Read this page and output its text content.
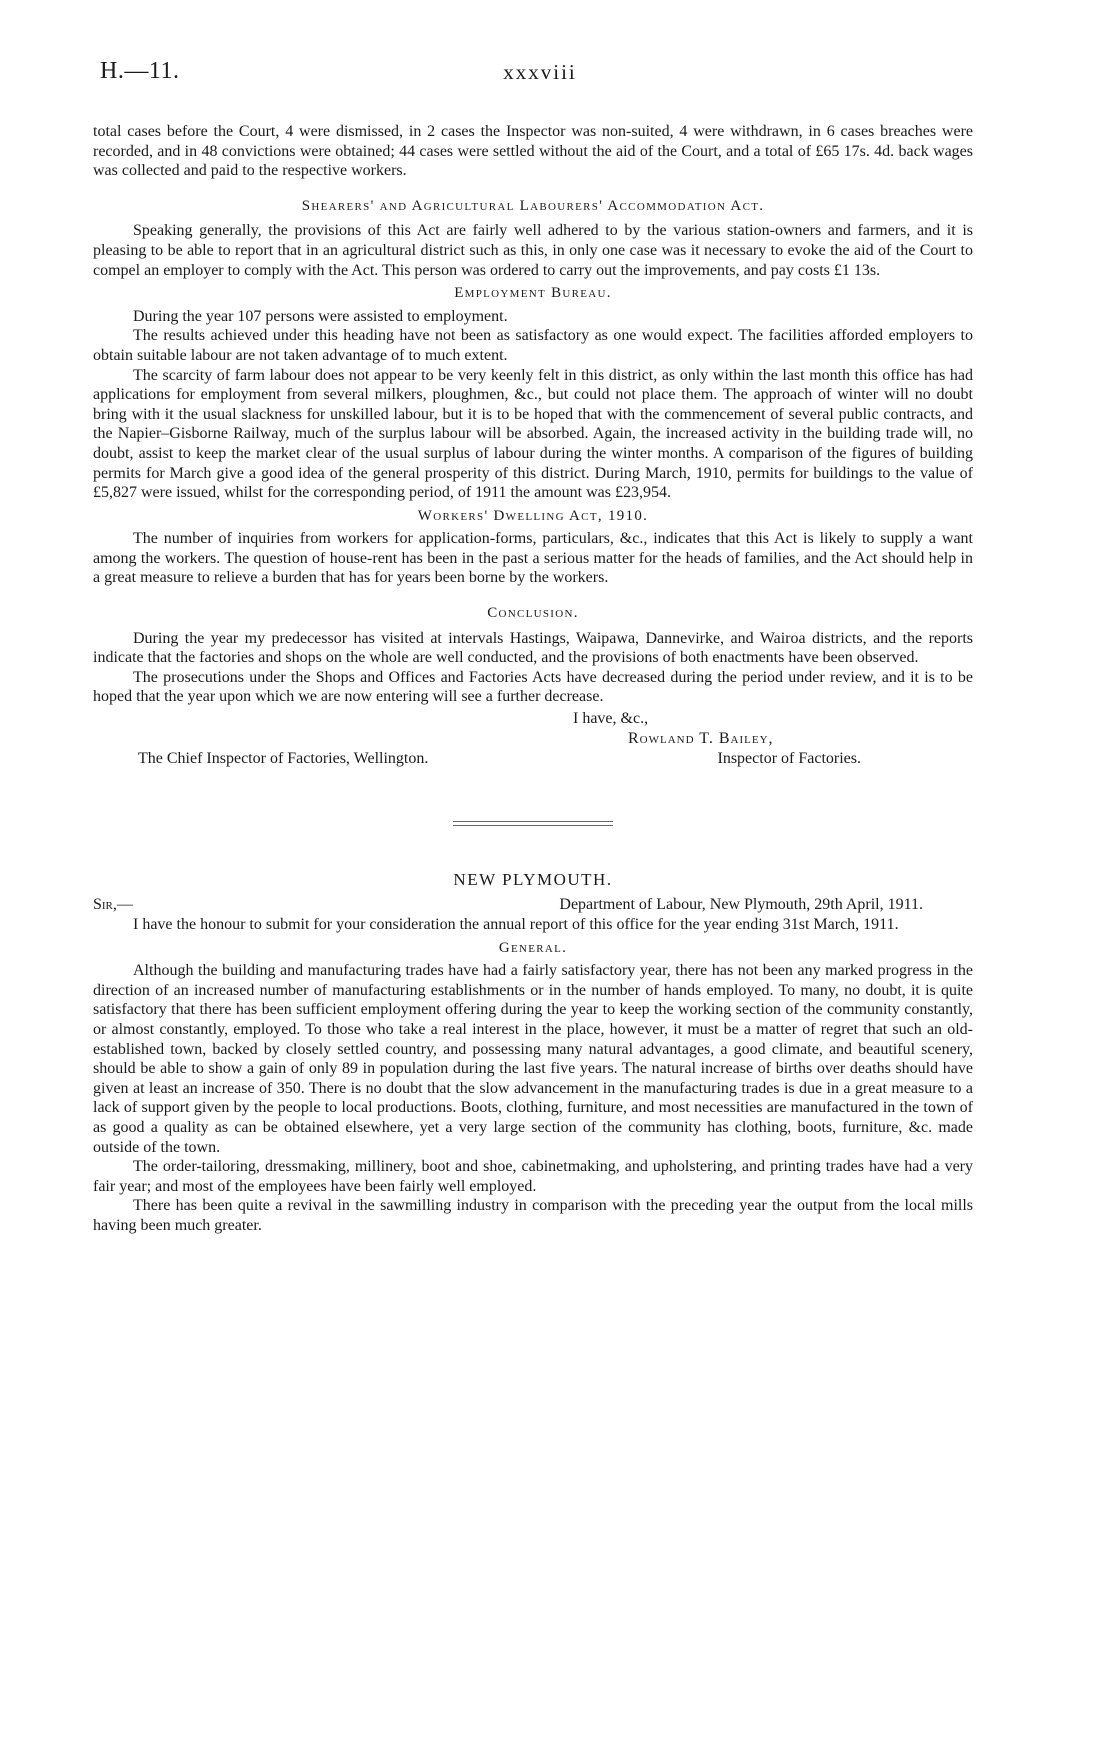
H.—11.	xxxviii

total cases before the Court, 4 were dismissed, in 2 cases the Inspector was non-suited, 4 were withdrawn, in 6 cases breaches were recorded, and in 48 convictions were obtained; 44 cases were settled without the aid of the Court, and a total of £65 17s. 4d. back wages was collected and paid to the respective workers.

Shearers' and Agricultural Labourers' Accommodation Act.

Speaking generally, the provisions of this Act are fairly well adhered to by the various station-owners and farmers, and it is pleasing to be able to report that in an agricultural district such as this, in only one case was it necessary to evoke the aid of the Court to compel an employer to comply with the Act. This person was ordered to carry out the improvements, and pay costs £1 13s.

Employment Bureau.

During the year 107 persons were assisted to employment.

The results achieved under this heading have not been as satisfactory as one would expect. The facilities afforded employers to obtain suitable labour are not taken advantage of to much extent.

The scarcity of farm labour does not appear to be very keenly felt in this district, as only within the last month this office has had applications for employment from several milkers, ploughmen, &c., but could not place them. The approach of winter will no doubt bring with it the usual slackness for unskilled labour, but it is to be hoped that with the commencement of several public contracts, and the Napier–Gisborne Railway, much of the surplus labour will be absorbed. Again, the increased activity in the building trade will, no doubt, assist to keep the market clear of the usual surplus of labour during the winter months. A comparison of the figures of building permits for March give a good idea of the general prosperity of this district. During March, 1910, permits for buildings to the value of £5,827 were issued, whilst for the corresponding period, of 1911 the amount was £23,954.

Workers' Dwelling Act, 1910.

The number of inquiries from workers for application-forms, particulars, &c., indicates that this Act is likely to supply a want among the workers. The question of house-rent has been in the past a serious matter for the heads of families, and the Act should help in a great measure to relieve a burden that has for years been borne by the workers.

Conclusion.

During the year my predecessor has visited at intervals Hastings, Waipawa, Dannevirke, and Wairoa districts, and the reports indicate that the factories and shops on the whole are well conducted, and the provisions of both enactments have been observed.

The prosecutions under the Shops and Offices and Factories Acts have decreased during the period under review, and it is to be hoped that the year upon which we are now entering will see a further decrease.

I have, &c.,
Rowland T. Bailey,
The Chief Inspector of Factories, Wellington.	Inspector of Factories.
NEW PLYMOUTH.
Sir,—	Department of Labour, New Plymouth, 29th April, 1911.

I have the honour to submit for your consideration the annual report of this office for the year ending 31st March, 1911.

General.

Although the building and manufacturing trades have had a fairly satisfactory year, there has not been any marked progress in the direction of an increased number of manufacturing establishments or in the number of hands employed. To many, no doubt, it is quite satisfactory that there has been sufficient employment offering during the year to keep the working section of the community constantly, or almost constantly, employed. To those who take a real interest in the place, however, it must be a matter of regret that such an old-established town, backed by closely settled country, and possessing many natural advantages, a good climate, and beautiful scenery, should be able to show a gain of only 89 in population during the last five years. The natural increase of births over deaths should have given at least an increase of 350. There is no doubt that the slow advancement in the manufacturing trades is due in a great measure to a lack of support given by the people to local productions. Boots, clothing, furniture, and most necessities are manufactured in the town of as good a quality as can be obtained elsewhere, yet a very large section of the community has clothing, boots, furniture, &c. made outside of the town.

The order-tailoring, dressmaking, millinery, boot and shoe, cabinetmaking, and upholstering, and printing trades have had a very fair year; and most of the employees have been fairly well employed.

There has been quite a revival in the sawmilling industry in comparison with the preceding year the output from the local mills having been much greater.
